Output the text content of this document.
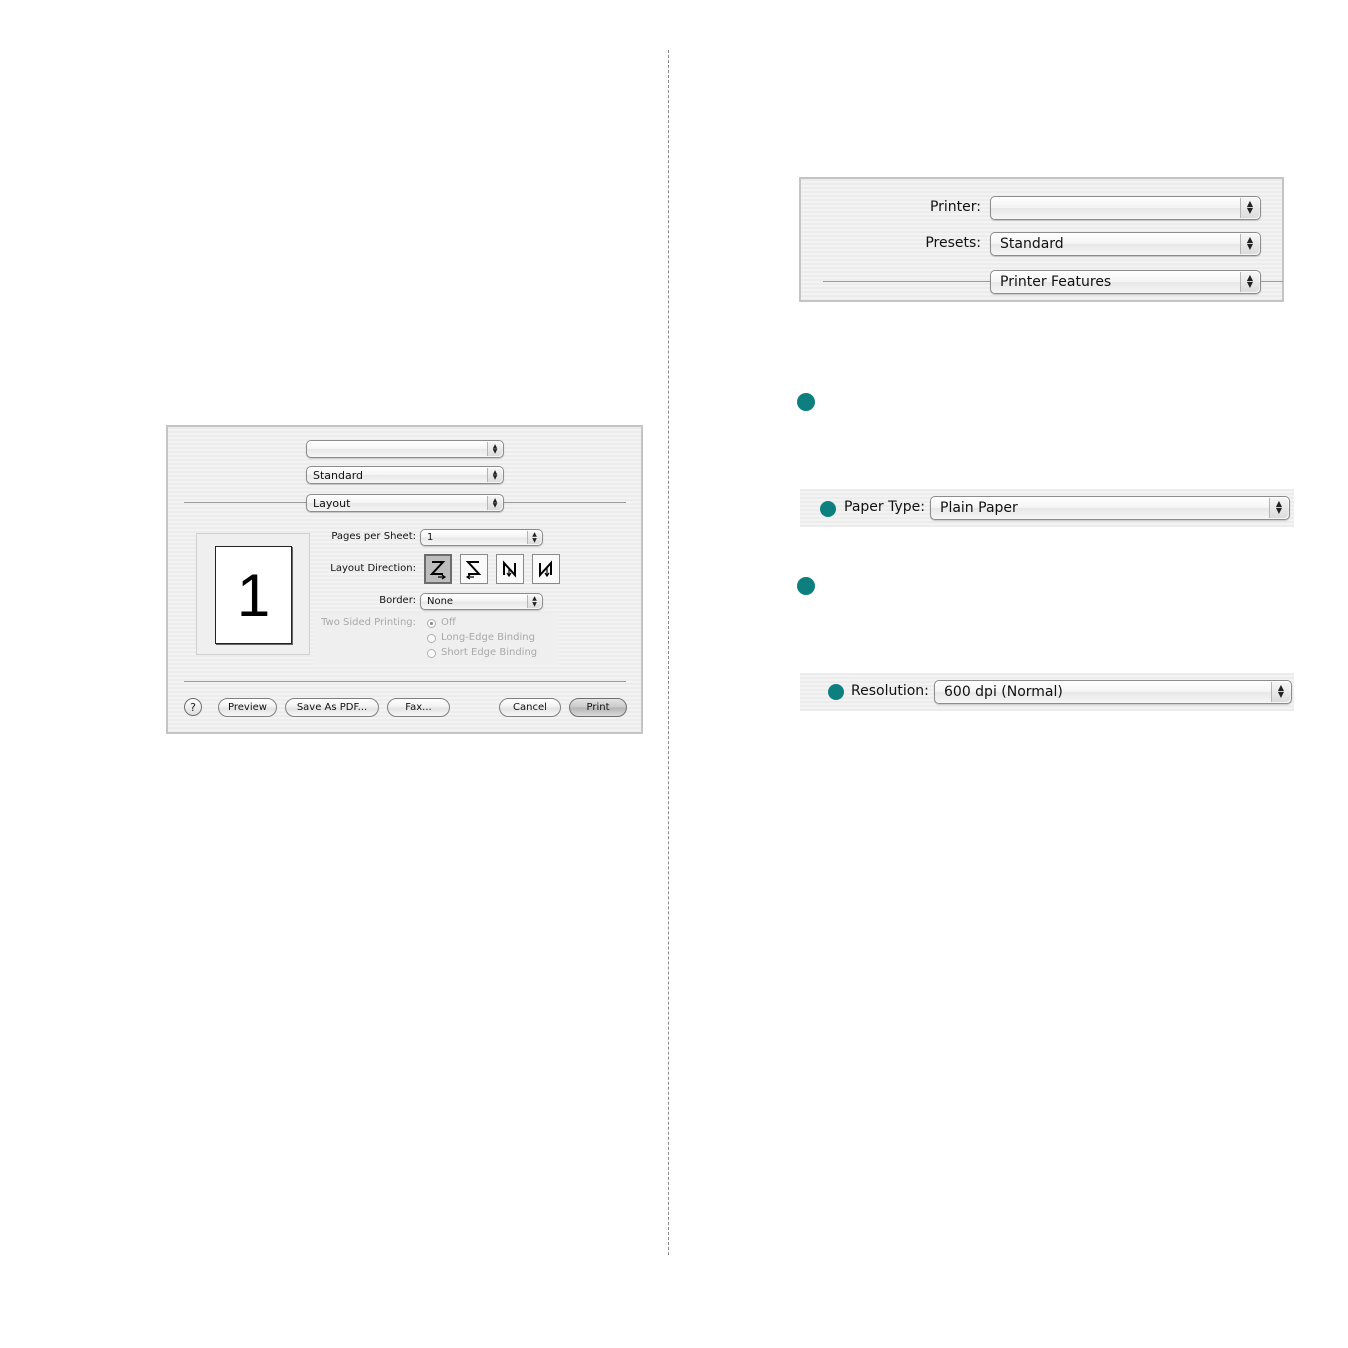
▲
▼
Standard	▲
▼
Layout	▲
▼
1
Pages per Sheet: 1	▲
▼
Layout Direction:
Border: None	▲
▼
Two Sided Printing:	Off
Long-Edge Binding
Short Edge Binding
?	Preview	Save As PDF...	Fax...	Cancel	Print
Printer:	▲
▼
Presets: Standard	▲
▼
Printer Features	▲
▼
Paper Type: Plain Paper	▲
▼
Resolution: 600 dpi (Normal)	▲
▼
